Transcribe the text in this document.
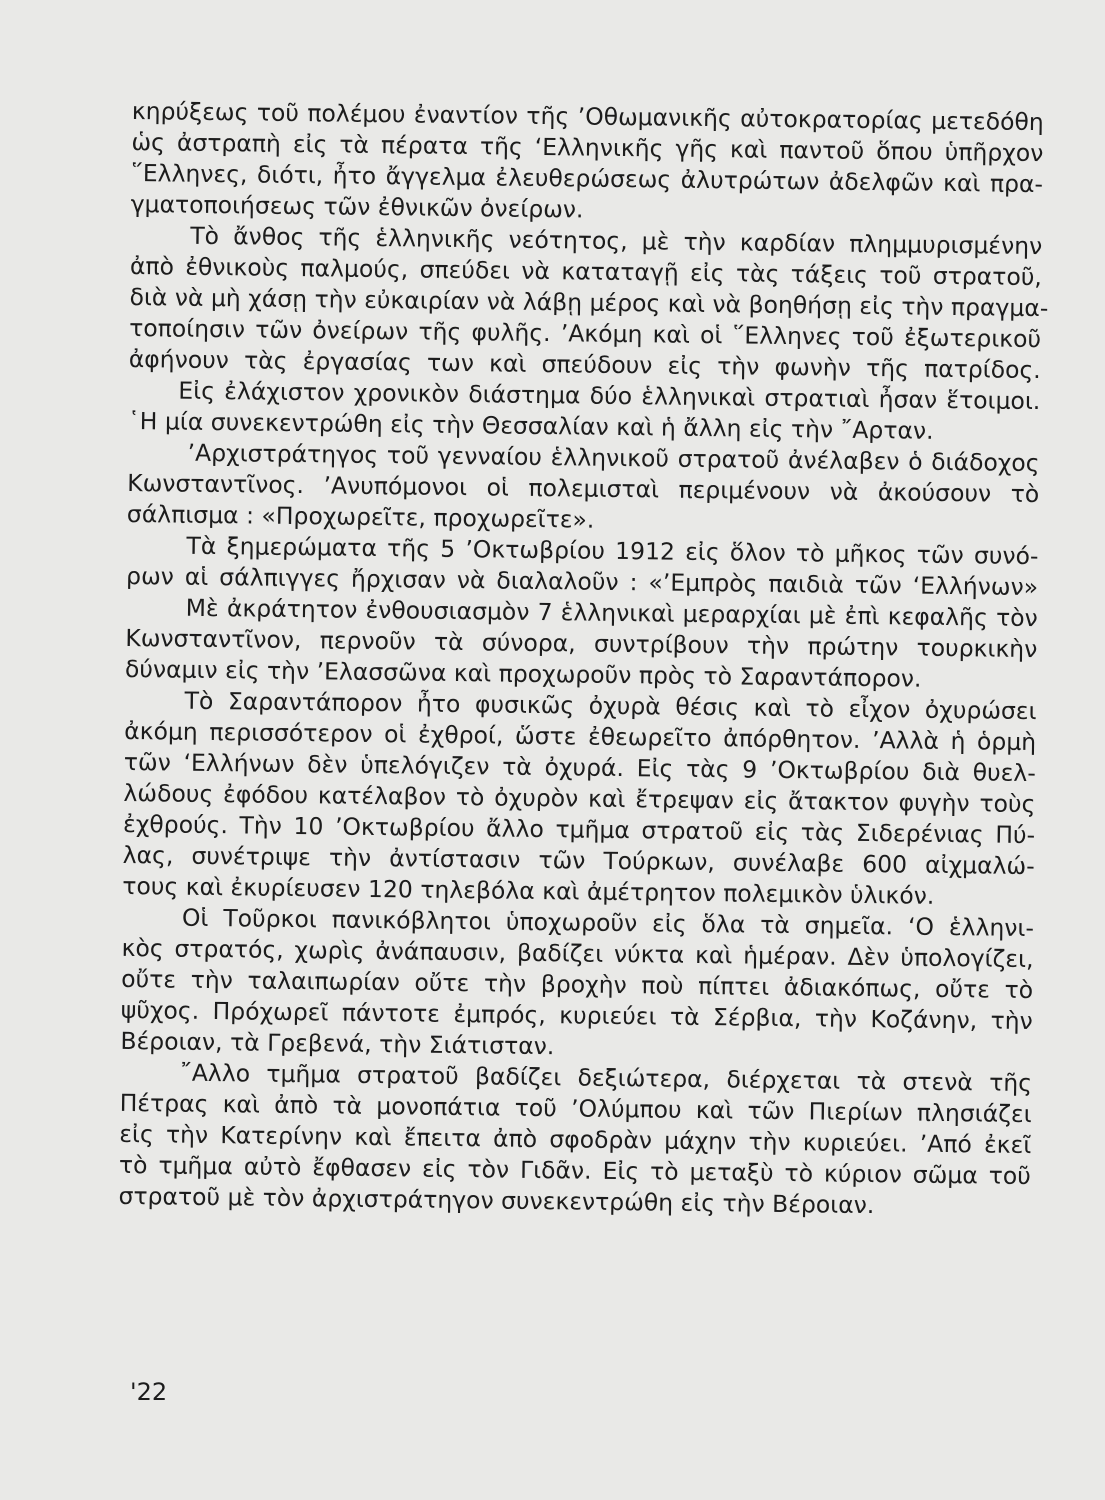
κηρύξεως τοῦ πολέμου ἐναντίον τῆς ’Οθωμανικῆς αὐτοκρατορίας μετεδόθη
ὡς ἀστραπὴ εἰς τὰ πέρατα τῆς ‘Ελληνικῆς γῆς καὶ παντοῦ ὅπου ὑπῆρχον
῞Ελληνες, διότι, ἦτο ἄγγελμα ἐλευθερώσεως ἀλυτρώτων ἀδελφῶν καὶ πρα-
γματοποιήσεως τῶν ἐθνικῶν ὀνείρων.
Τὸ ἄνθος τῆς ἑλληνικῆς νεότητος, μὲ τὴν καρδίαν πλημμυρισμένην
ἀπὸ ἐθνικοὺς παλμούς, σπεύδει νὰ καταταγῇ εἰς τὰς τάξεις τοῦ στρατοῦ,
διὰ νὰ μὴ χάσῃ τὴν εὐκαιρίαν νὰ λάβῃ μέρος καὶ νὰ βοηθήσῃ εἰς τὴν πραγμα-
τοποίησιν τῶν ὀνείρων τῆς φυλῆς. ’Ακόμη καὶ οἱ ῞Ελληνες τοῦ ἐξωτερικοῦ
ἀφήνουν τὰς ἐργασίας των καὶ σπεύδουν εἰς τὴν φωνὴν τῆς πατρίδος.
Εἰς ἐλάχιστον χρονικὸν διάστημα δύο ἑλληνικαὶ στρατιαὶ ἦσαν ἕτοιμοι.
῾Η μία συνεκεντρώθη εἰς τὴν Θεσσαλίαν καὶ ἡ ἄλλη εἰς τὴν ῎Αρταν.
’Αρχιστράτηγος τοῦ γενναίου ἑλληνικοῦ στρατοῦ ἀνέλαβεν ὁ διάδοχος
Κωνσταντῖνος. ’Ανυπόμονοι οἱ πολεμισταὶ περιμένουν νὰ ἀκούσουν τὸ
σάλπισμα : «Προχωρεῖτε, προχωρεῖτε».
Τὰ ξημερώματα τῆς 5 ’Οκτωβρίου 1912 εἰς ὅλον τὸ μῆκος τῶν συνό-
ρων αἱ σάλπιγγες ἤρχισαν νὰ διαλαλοῦν : «’Εμπρὸς παιδιὰ τῶν ‘Ελλήνων»
Μὲ ἀκράτητον ἐνθουσιασμὸν 7 ἑλληνικαὶ μεραρχίαι μὲ ἐπὶ κεφαλῆς τὸν
Κωνσταντῖνον, περνοῦν τὰ σύνορα, συντρίβουν τὴν πρώτην τουρκικὴν
δύναμιν εἰς τὴν ’Ελασσῶνα καὶ προχωροῦν πρὸς τὸ Σαραντάπορον.
Τὸ Σαραντάπορον ἦτο φυσικῶς ὀχυρὰ θέσις καὶ τὸ εἶχον ὀχυρώσει
ἀκόμη περισσότερον οἱ ἐχθροί, ὥστε ἐθεωρεῖτο ἀπόρθητον. ’Αλλὰ ἡ ὁρμὴ
τῶν ‘Ελλήνων δὲν ὑπελόγιζεν τὰ ὀχυρά. Εἰς τὰς 9 ’Οκτωβρίου διὰ θυελ-
λώδους ἐφόδου κατέλαβον τὸ ὀχυρὸν καὶ ἔτρεψαν εἰς ἄτακτον φυγὴν τοὺς
ἐχθρούς. Τὴν 10 ’Οκτωβρίου ἄλλο τμῆμα στρατοῦ εἰς τὰς Σιδερένιας Πύ-
λας, συνέτριψε τὴν ἀντίστασιν τῶν Τούρκων, συνέλαβε 600 αἰχμαλώ-
τους καὶ ἐκυρίευσεν 120 τηλεβόλα καὶ ἀμέτρητον πολεμικὸν ὑλικόν.
Οἱ Τοῦρκοι πανικόβλητοι ὑποχωροῦν εἰς ὅλα τὰ σημεῖα. ‘Ο ἑλληνι-
κὸς στρατός, χωρὶς ἀνάπαυσιν, βαδίζει νύκτα καὶ ἡμέραν. Δὲν ὑπολογίζει,
οὔτε τὴν ταλαιπωρίαν οὔτε τὴν βροχὴν ποὺ πίπτει ἀδιακόπως, οὔτε τὸ
ψῦχος. Πρόχωρεῖ πάντοτε ἐμπρός, κυριεύει τὰ Σέρβια, τὴν Κοζάνην, τὴν
Βέροιαν, τὰ Γρεβενά, τὴν Σιάτισταν.
῎Αλλο τμῆμα στρατοῦ βαδίζει δεξιώτερα, διέρχεται τὰ στενὰ τῆς
Πέτρας καὶ ἀπὸ τὰ μονοπάτια τοῦ ’Ολύμπου καὶ τῶν Πιερίων πλησιάζει
εἰς τὴν Κατερίνην καὶ ἔπειτα ἀπὸ σφοδρὰν μάχην τὴν κυριεύει. ’Από ἐκεῖ
τὸ τμῆμα αὐτὸ ἔφθασεν εἰς τὸν Γιδᾶν. Εἰς τὸ μεταξὺ τὸ κύριον σῶμα τοῦ
στρατοῦ μὲ τὸν ἀρχιστράτηγον συνεκεντρώθη εἰς τὴν Βέροιαν.
'22
